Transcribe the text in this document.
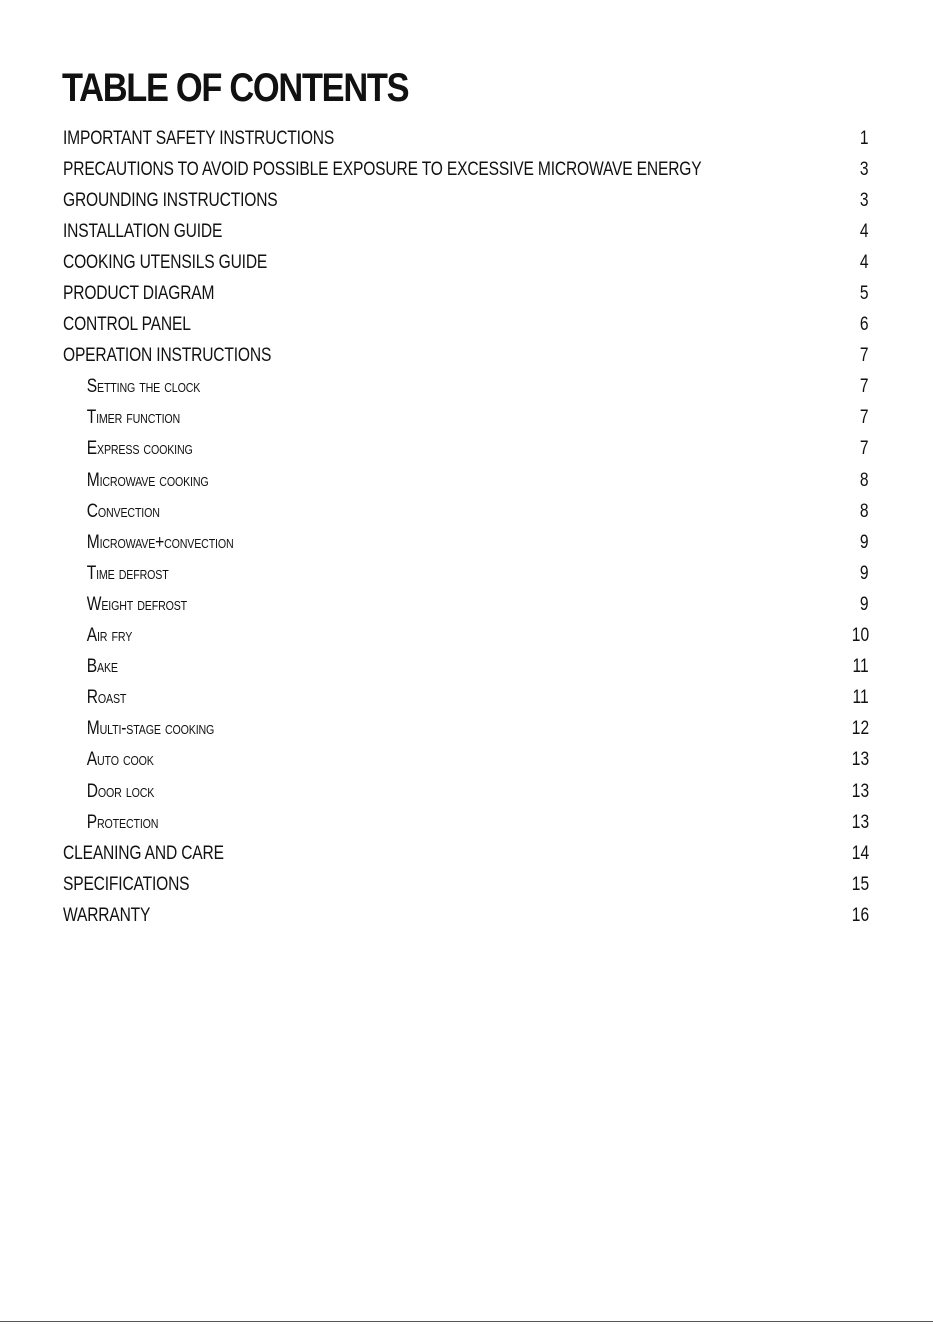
TABLE OF CONTENTS
IMPORTANT SAFETY INSTRUCTIONS	1
PRECAUTIONS TO AVOID POSSIBLE EXPOSURE TO EXCESSIVE MICROWAVE ENERGY	3
GROUNDING INSTRUCTIONS	3
INSTALLATION GUIDE	4
COOKING UTENSILS GUIDE	4
PRODUCT DIAGRAM	5
CONTROL PANEL	6
OPERATION INSTRUCTIONS	7
Setting the clock	7
Timer function	7
Express cooking	7
Microwave cooking	8
Convection	8
Microwave+convection	9
Time defrost	9
Weight defrost	9
Air fry	10
Bake	11
Roast	11
Multi-stage cooking	12
Auto cook	13
Door lock	13
Protection	13
CLEANING AND CARE	14
SPECIFICATIONS	15
WARRANTY	16
